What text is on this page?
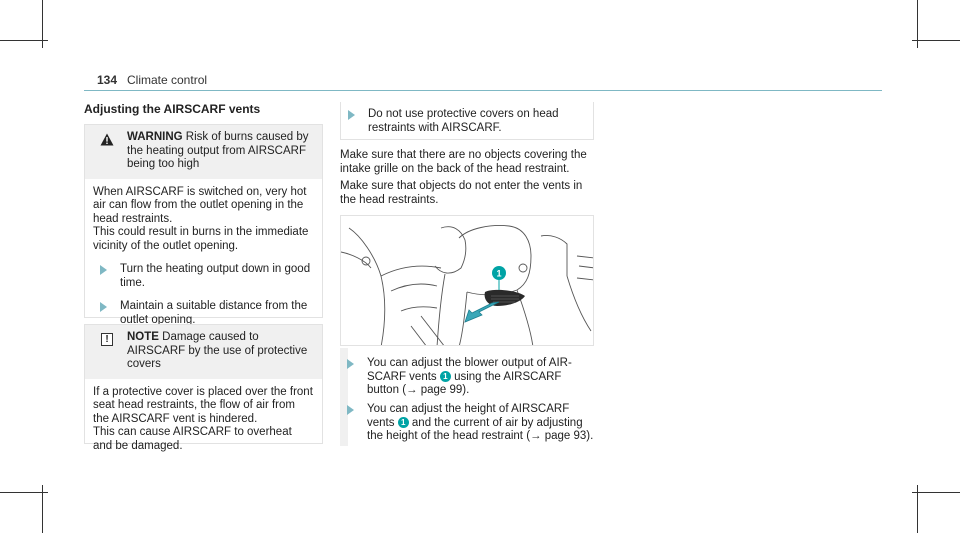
134 Climate control
Adjusting the AIRSCARF vents
WARNING Risk of burns caused by the heating output from AIRSCARF being too high

When AIRSCARF is switched on, very hot air can flow from the outlet opening in the head restraints.

This could result in burns in the immediate vicinity of the outlet opening.

Turn the heating output down in good time.
Maintain a suitable distance from the outlet opening.
!	NOTE Damage caused to AIRSCARF by the use of protective covers

If a protective cover is placed over the front seat head restraints, the flow of air from the AIRSCARF vent is hindered.

This can cause AIRSCARF to overheat and be damaged.

Do not use protective covers on head restraints with AIRSCARF.

Make sure that there are no objects covering the intake grille on the back of the head restraint.

Make sure that objects do not enter the vents in the head restraints.

1
You can adjust the blower output of AIR-SCARF vents 1 using the AIRSCARF button (→ page 99).
You can adjust the height of AIRSCARF vents 1 and the current of air by adjusting the height of the head restraint (→ page 93).
